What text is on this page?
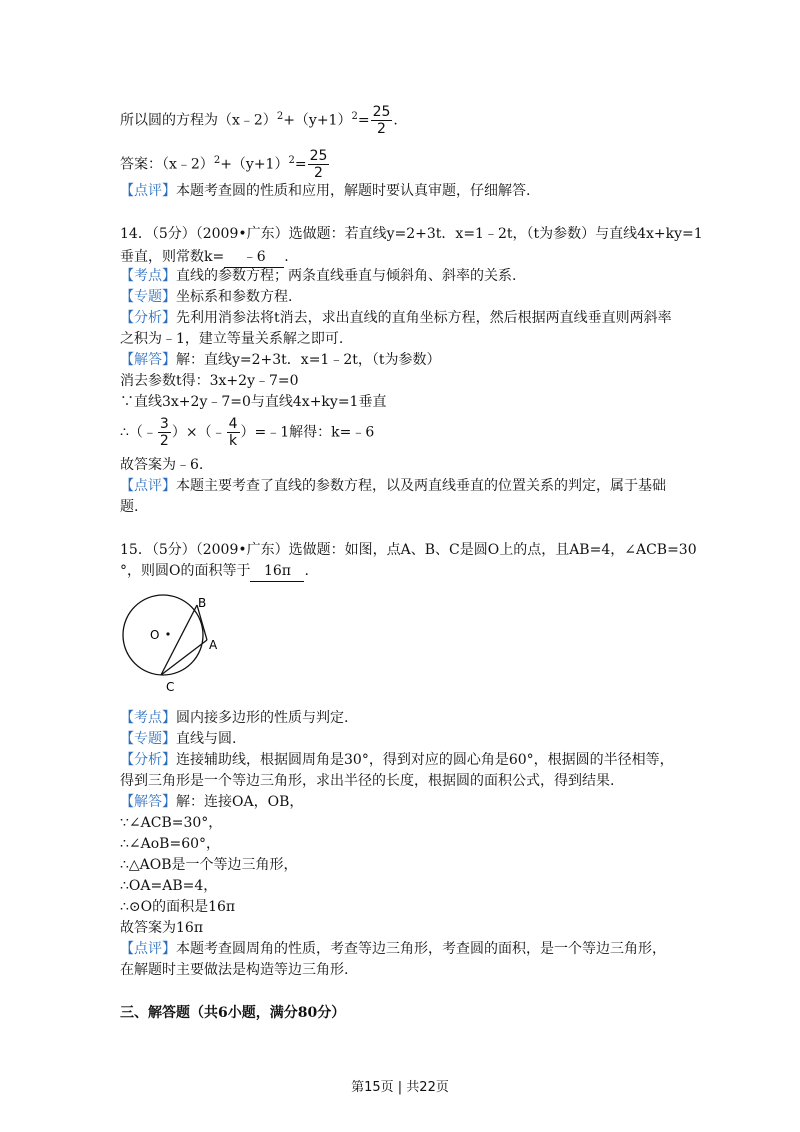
所以圆的方程为$(x﹣2)^2+(y+1)^2= \frac{25}{2}$ .
答案：$(x﹣2)^2+(y+1)^2= \frac{25}{2}$
【点评】本题考查圆的性质和应用，解题时要认真审题，仔细解答.
14．（5分）（2009•广东）选做题：若直线y=2+3t．x=1﹣2t，（t为参数）与直线4x+ky=1
垂直，则常数k= ﹣6 .
【考点】直线的参数方程；两条直线垂直与倾斜角、斜率的关系.
【专题】坐标系和参数方程.
【分析】先利用消参法将t消去，求出直线的直角坐标方程，然后根据两直线垂直则两斜率
之积为﹣1，建立等量关系解之即可.
【解答】解：直线y=2+3t．x=1﹣2t，（t为参数）
消去参数t得：3x+2y﹣7=0
∵直线3x+2y﹣7=0与直线4x+ky=1垂直
∴（﹣ $\frac{3}{2}$ ）×（﹣ $\frac{4}{k}$ ）=﹣1解得：k=﹣6
故答案为﹣6.
【点评】本题主要考查了直线的参数方程，以及两直线垂直的位置关系的判定，属于基础
题.
15．（5分）（2009•广东）选做题：如图，点A、B、C是圆O上的点，且AB=4，∠ACB=30
°，则圆O的面积等于 16π .
O
B
A
C
【考点】圆内接多边形的性质与判定.
【专题】直线与圆.
【分析】连接辅助线，根据圆周角是30°，得到对应的圆心角是60°，根据圆的半径相等，
得到三角形是一个等边三角形，求出半径的长度，根据圆的面积公式，得到结果.
【解答】解：连接OA，OB，
∵∠ACB=30°，
∴∠AoB=60°，
∴△AOB是一个等边三角形，
∴OA=AB=4，
∴⊙O的面积是16π
故答案为16π
【点评】本题考查圆周角的性质，考查等边三角形，考查圆的面积，是一个等边三角形，
在解题时主要做法是构造等边三角形.
三、解答题（共6小题，满分80分）
第15页 | 共22页
